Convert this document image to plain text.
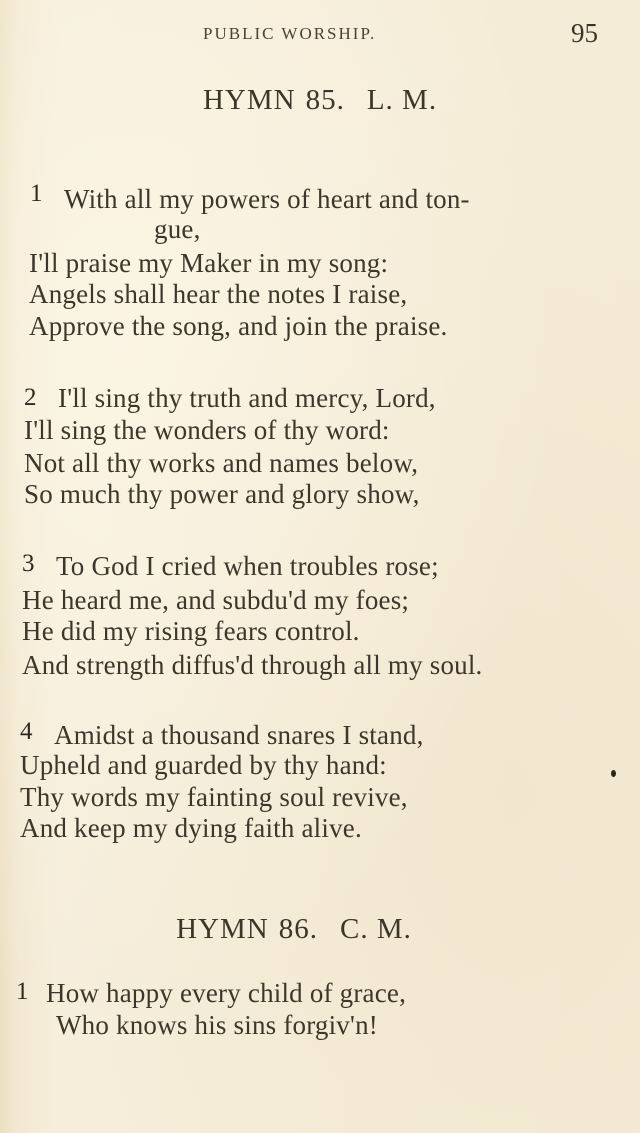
PUBLIC WORSHIP.	95
HYMN 85. L. M.
1 With all my powers of heart and ton-
gue,
I'll praise my Maker in my song:
Angels shall hear the notes I raise,
Approve the song, and join the praise.
2 I'll sing thy truth and mercy, Lord,
I'll sing the wonders of thy word:
Not all thy works and names below,
So much thy power and glory show,
3 To God I cried when troubles rose;
He heard me, and subdu'd my foes;
He did my rising fears control.
And strength diffus'd through all my soul.
4 Amidst a thousand snares I stand,
Upheld and guarded by thy hand:
Thy words my fainting soul revive,
And keep my dying faith alive.
HYMN 86. C. M.
1 How happy every child of grace,
Who knows his sins forgiv'n!
